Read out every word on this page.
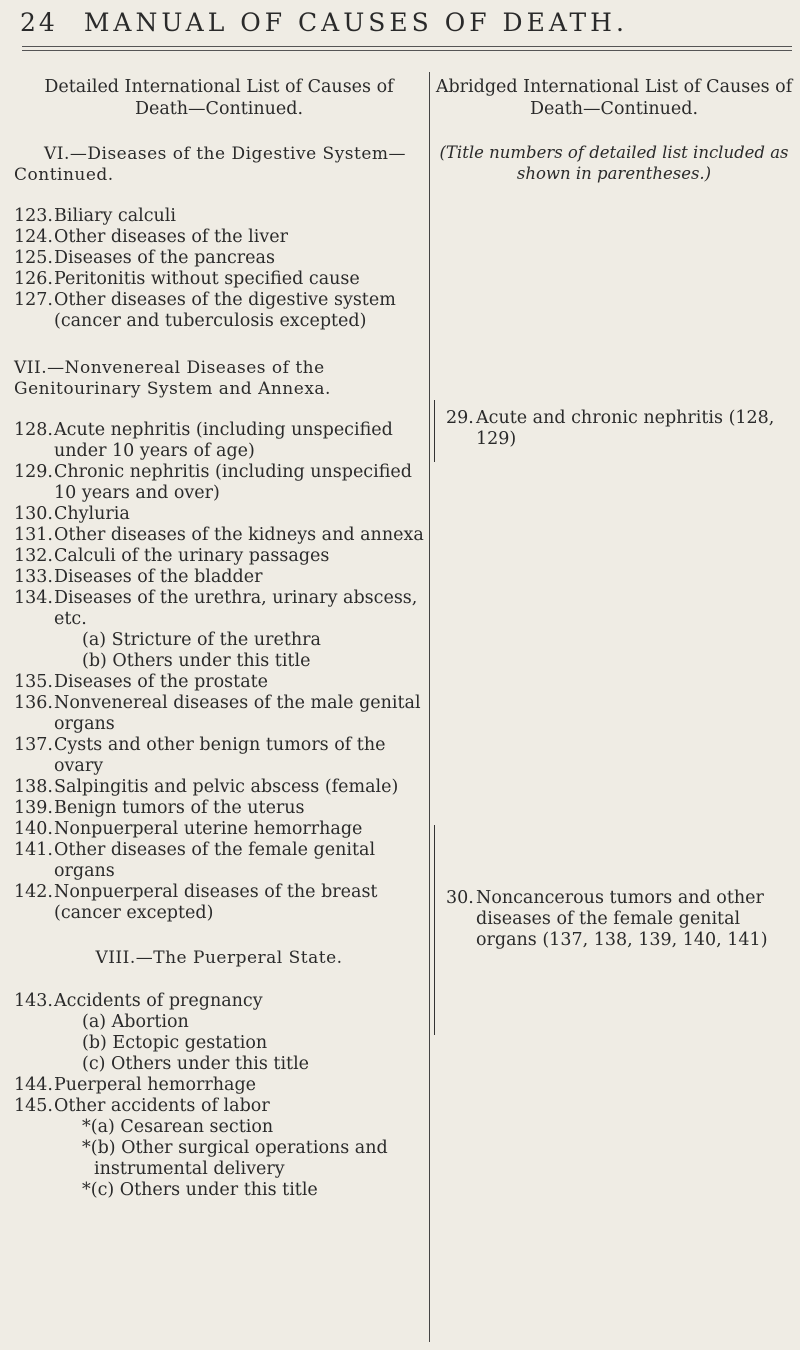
24 MANUAL OF CAUSES OF DEATH.
Detailed International List of Causes of
Death—Continued.
VI.—Diseases of the Digestive System—Continued.
123. Biliary calculi
124. Other diseases of the liver
125. Diseases of the pancreas
126. Peritonitis without specified cause
127. Other diseases of the digestive system (cancer and tuberculosis excepted)
VII.—Nonvenereal Diseases of the Genitourinary System and Annexa.
128. Acute nephritis (including unspecified under 10 years of age)
129. Chronic nephritis (including unspecified 10 years and over)
130. Chyluria
131. Other diseases of the kidneys and annexa
132. Calculi of the urinary passages
133. Diseases of the bladder
134. Diseases of the urethra, urinary abscess, etc.
(a) Stricture of the urethra
(b) Others under this title
135. Diseases of the prostate
136. Nonvenereal diseases of the male genital organs
137. Cysts and other benign tumors of the ovary
138. Salpingitis and pelvic abscess (female)
139. Benign tumors of the uterus
140. Nonpuerperal uterine hemorrhage
141. Other diseases of the female genital organs
142. Nonpuerperal diseases of the breast (cancer excepted)
VIII.—The Puerperal State.
143. Accidents of pregnancy
(a) Abortion
(b) Ectopic gestation
(c) Others under this title
144. Puerperal hemorrhage
145. Other accidents of labor
*(a) Cesarean section
*(b) Other surgical operations and instrumental delivery
*(c) Others under this title
Abridged International List of Causes of
Death—Continued.
(Title numbers of detailed list included as shown in parentheses.)
29. Acute and chronic nephritis (128, 129)
30. Noncancerous tumors and other diseases of the female genital organs (137, 138, 139, 140, 141)
